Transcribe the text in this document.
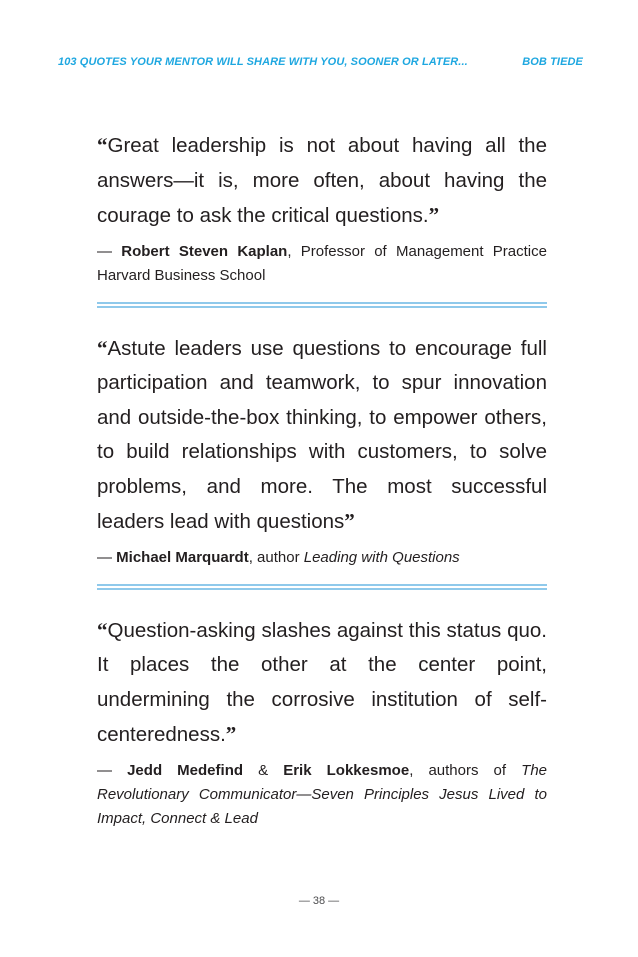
103 QUOTES YOUR MENTOR WILL SHARE WITH YOU, SOONER OR LATER...	BOB TIEDE

“Great leadership is not about having all the answers—it is, more often, about having the courage to ask the critical questions.”

— Robert Steven Kaplan, Professor of Management Practice Harvard Business School

“Astute leaders use questions to encourage full participation and teamwork, to spur innovation and outside-the-box thinking, to empower others, to build relationships with customers, to solve problems, and more. The most successful leaders lead with questions”

— Michael Marquardt, author Leading with Questions

“Question-asking slashes against this status quo. It places the other at the center point, undermining the corrosive institution of self-centeredness.”

— Jedd Medefind & Erik Lokkesmoe, authors of The Revolutionary Communicator—Seven Principles Jesus Lived to Impact, Connect & Lead

— 38 —
